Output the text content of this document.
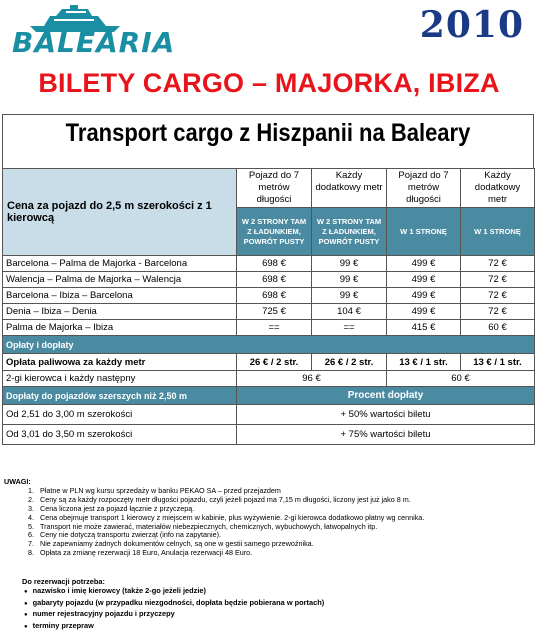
BALEARIA	2010
BILETY CARGO – MAJORKA, IBIZA
Transport cargo z Hiszpanii na Baleary
Cena za pojazd do 2,5 m szerokości z 1 kierowcą	Pojazd do 7 metrów długości	Każdy dodatkowy metr	Pojazd do 7 metrów długości	Każdy dodatkowy metr
	W 2 STRONY TAM Z ŁADUNKIEM, POWRÓT PUSTY	W 2 STRONY TAM Z ŁADUNKIEM, POWRÓT PUSTY	W 1 STRONĘ	W 1 STRONĘ
Barcelona – Palma de Majorka - Barcelona	698 €	99 €	499 €	72 €
Walencja – Palma de Majorka – Walencja	698 €	99 €	499 €	72 €
Barcelona – Ibiza – Barcelona	698 €	99 €	499 €	72 €
Denia – Ibiza – Denia	725 €	104 €	499 €	72 €
Palma de Majorka – Ibiza	==	==	415 €	60 €
Opłaty i dopłaty				
Opłata paliwowa za każdy metr	26 € / 2 str.	26 € / 2 str.	13 € / 1 str.	13 € / 1 str.
2-gi kierowca i każdy następny	96 €		60 €	
Dopłaty do pojazdów szerszych niż 2,50 m	Procent dopłaty			
Od 2,51 do 3,00 m szerokości	+ 50% wartości biletu			
Od 3,01 do 3,50 m szerokości	+ 75% wartości biletu			
UWAGI:
1. Płatne w PLN wg kursu sprzedaży w banku PEKAO SA – przed przejazdem
2. Ceny są za każdy rozpoczęty metr długości pojazdu, czyli jeżeli pojazd ma 7,15 m długości, liczony jest już jako 8 m.
3. Cena liczona jest za pojazd łącznie z przyczepą.
4. Cena obejmuje transport 1 kierowcy z miejscem w kabinie, plus wyżywienie. 2-gi kierowca dodatkowo płatny wg cennika.
5. Transport nie może zawierać, materiałów niebezpiecznych, chemicznych, wybuchowych, łatwopalnych itp.
6. Ceny nie dotyczą transportu zwierząt (info na zapytanie).
7. Nie zapewniamy żadnych dokumentów celnych, są one w gestii samego przewoźnika.
8. Opłata za zmianę rezerwacji 18 Euro, Anulacja rezerwacji 48 Euro.
Do rezerwacji potrzeba:
● nazwisko i imię kierowcy (także 2-go jeżeli jedzie)
● gabaryty pojazdu (w przypadku niezgodności, dopłata będzie pobierana w portach)
● numer rejestracyjny pojazdu i przyczepy
● terminy przepraw
